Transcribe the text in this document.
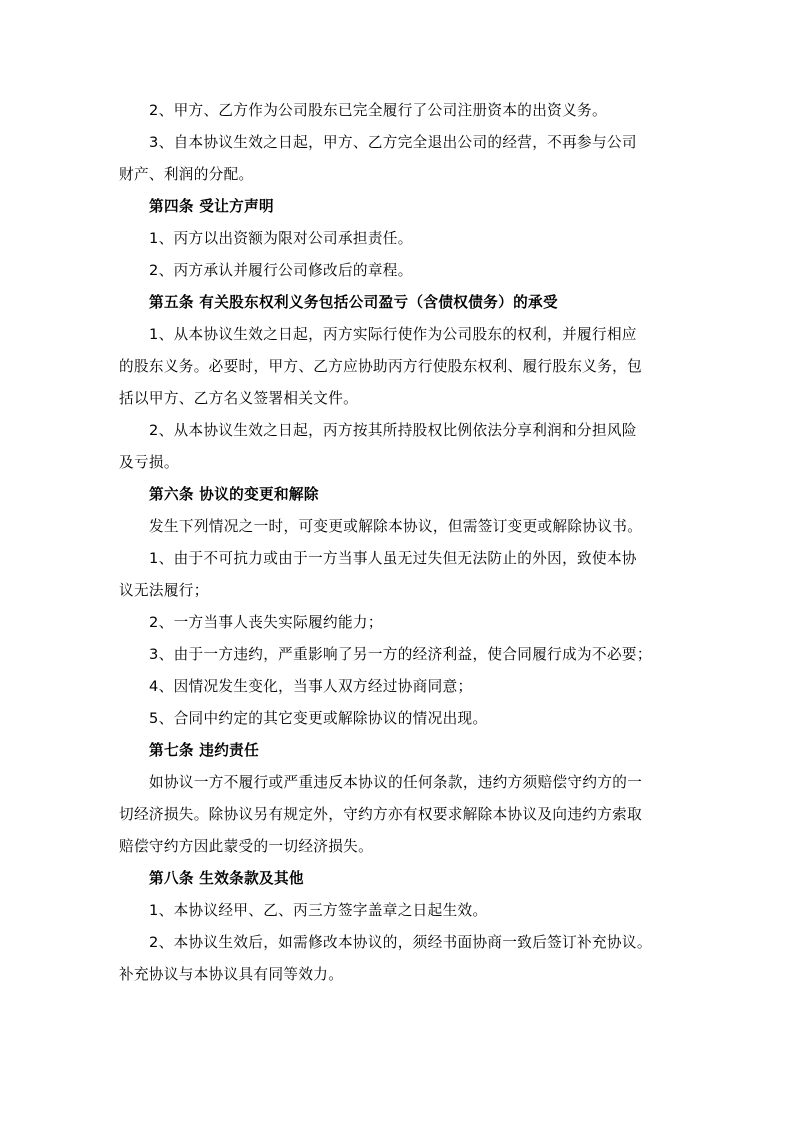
2、甲方、乙方作为公司股东已完全履行了公司注册资本的出资义务。
3、自本协议生效之日起，甲方、乙方完全退出公司的经营，不再参与公司
财产、利润的分配。
第四条 受让方声明
1、丙方以出资额为限对公司承担责任。
2、丙方承认并履行公司修改后的章程。
第五条 有关股东权利义务包括公司盈亏（含债权债务）的承受
1、从本协议生效之日起，丙方实际行使作为公司股东的权利，并履行相应
的股东义务。必要时，甲方、乙方应协助丙方行使股东权利、履行股东义务，包
括以甲方、乙方名义签署相关文件。
2、从本协议生效之日起，丙方按其所持股权比例依法分享利润和分担风险
及亏损。
第六条 协议的变更和解除
发生下列情况之一时，可变更或解除本协议，但需签订变更或解除协议书。
1、由于不可抗力或由于一方当事人虽无过失但无法防止的外因，致使本协
议无法履行；
2、一方当事人丧失实际履约能力；
3、由于一方违约，严重影响了另一方的经济利益，使合同履行成为不必要；
4、因情况发生变化，当事人双方经过协商同意；
5、合同中约定的其它变更或解除协议的情况出现。
第七条 违约责任
如协议一方不履行或严重违反本协议的任何条款，违约方须赔偿守约方的一
切经济损失。除协议另有规定外，守约方亦有权要求解除本协议及向违约方索取
赔偿守约方因此蒙受的一切经济损失。
第八条 生效条款及其他
1、本协议经甲、乙、丙三方签字盖章之日起生效。
2、本协议生效后，如需修改本协议的，须经书面协商一致后签订补充协议。
补充协议与本协议具有同等效力。
